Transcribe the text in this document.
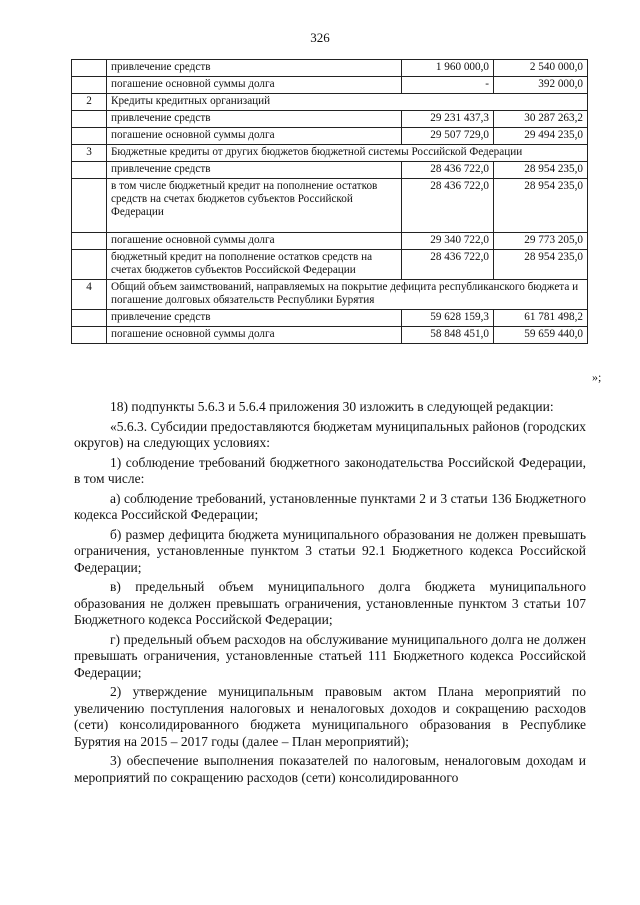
326
	привлечение средств	1 960 000,0	2 540 000,0
	погашение основной суммы долга	-	392 000,0
2	Кредиты кредитных организаций		
	привлечение средств	29 231 437,3	30 287 263,2
	погашение основной суммы долга	29 507 729,0	29 494 235,0
3	Бюджетные кредиты от других бюджетов бюджетной системы Российской Федерации		
	привлечение средств	28 436 722,0	28 954 235,0
	в том числе бюджетный кредит на пополнение остатков средств на счетах бюджетов субъектов Российской Федерации	28 436 722,0	28 954 235,0
	погашение основной суммы долга	29 340 722,0	29 773 205,0
	бюджетный кредит на пополнение остатков средств на счетах бюджетов субъектов Российской Федерации	28 436 722,0	28 954 235,0
4	Общий объем заимствований, направляемых на покрытие дефицита республиканского бюджета и погашение долговых обязательств Республики Бурятия		
	привлечение средств	59 628 159,3	61 781 498,2
	погашение основной суммы долга	58 848 451,0	59 659 440,0
»;

18) подпункты 5.6.3 и 5.6.4 приложения 30 изложить в следующей редакции:

«5.6.3. Субсидии предоставляются бюджетам муниципальных районов (городских округов) на следующих условиях:

1) соблюдение требований бюджетного законодательства Российской Федерации, в том числе:

а) соблюдение требований, установленные пунктами 2 и 3 статьи 136 Бюджетного кодекса Российской Федерации;

б) размер дефицита бюджета муниципального образования не должен превышать ограничения, установленные пунктом 3 статьи 92.1 Бюджетного кодекса Российской Федерации;

в) предельный объем муниципального долга бюджета муниципального образования не должен превышать ограничения, установленные пунктом 3 статьи 107 Бюджетного кодекса Российской Федерации;

г) предельный объем расходов на обслуживание муниципального долга не должен превышать ограничения, установленные статьей 111 Бюджетного кодекса Российской Федерации;

2) утверждение муниципальным правовым актом Плана мероприятий по увеличению поступления налоговых и неналоговых доходов и сокращению расходов (сети) консолидированного бюджета муниципального образования в Республике Бурятия на 2015 – 2017 годы (далее – План мероприятий);

3) обеспечение выполнения показателей по налоговым, неналоговым доходам и мероприятий по сокращению расходов (сети) консолидированного
